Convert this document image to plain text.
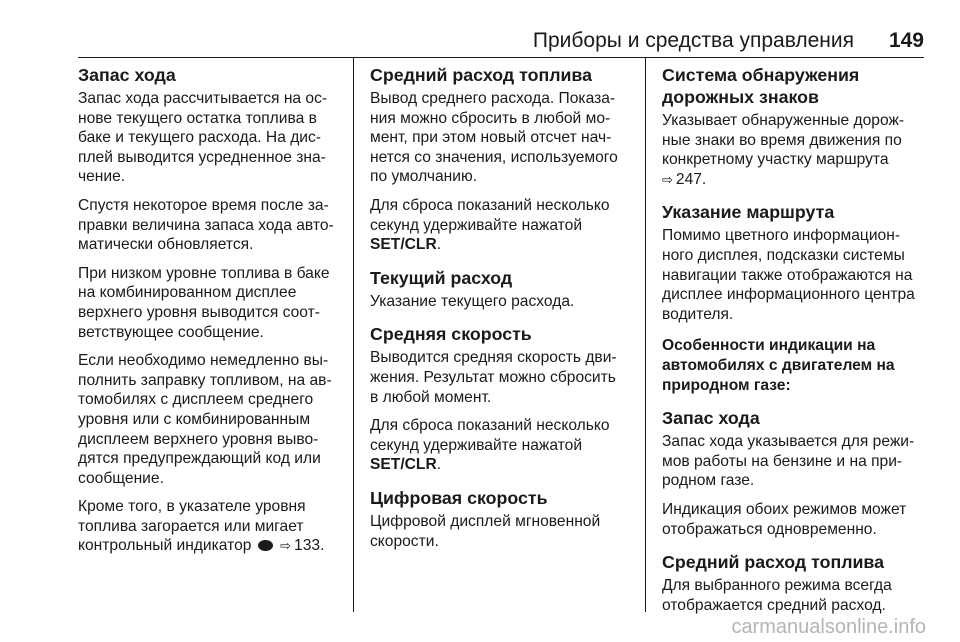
Приборы и средства управления 149
Запас хода

Запас хода рассчитывается на ос-
нове текущего остатка топлива в
баке и текущего расхода. На дис-
плей выводится усредненное зна-
чение.

Спустя некоторое время после за-
правки величина запаса хода авто-
матически обновляется.

При низком уровне топлива в баке
на комбинированном дисплее
верхнего уровня выводится соот-
ветствующее сообщение.

Если необходимо немедленно вы-
полнить заправку топливом, на ав-
томобилях с дисплеем среднего
уровня или с комбинированным
дисплеем верхнего уровня выво-
дятся предупреждающий код или
сообщение.

Кроме того, в указателе уровня
топлива загорается или мигает
контрольный индикатор ⇨ 133.

Средний расход топлива

Вывод среднего расхода. Показа-
ния можно сбросить в любой мо-
мент, при этом новый отсчет нач-
нется со значения, используемого
по умолчанию.

Для сброса показаний несколько
секунд удерживайте нажатой
SET/CLR.

Текущий расход

Указание текущего расхода.

Средняя скорость

Выводится средняя скорость дви-
жения. Результат можно сбросить
в любой момент.

Для сброса показаний несколько
секунд удерживайте нажатой
SET/CLR.

Цифровая скорость

Цифровой дисплей мгновенной
скорости.

Система обнаружения
дорожных знаков

Указывает обнаруженные дорож-
ные знаки во время движения по
конкретному участку маршрута
⇨ 247.

Указание маршрута

Помимо цветного информацион-
ного дисплея, подсказки системы
навигации также отображаются на
дисплее информационного центра
водителя.

Особенности индикации на
автомобилях с двигателем на
природном газе:
Запас хода

Запас хода указывается для режи-
мов работы на бензине и на при-
родном газе.

Индикация обоих режимов может
отображаться одновременно.

Средний расход топлива

Для выбранного режима всегда
отображается средний расход.

carmanualsonline.info
